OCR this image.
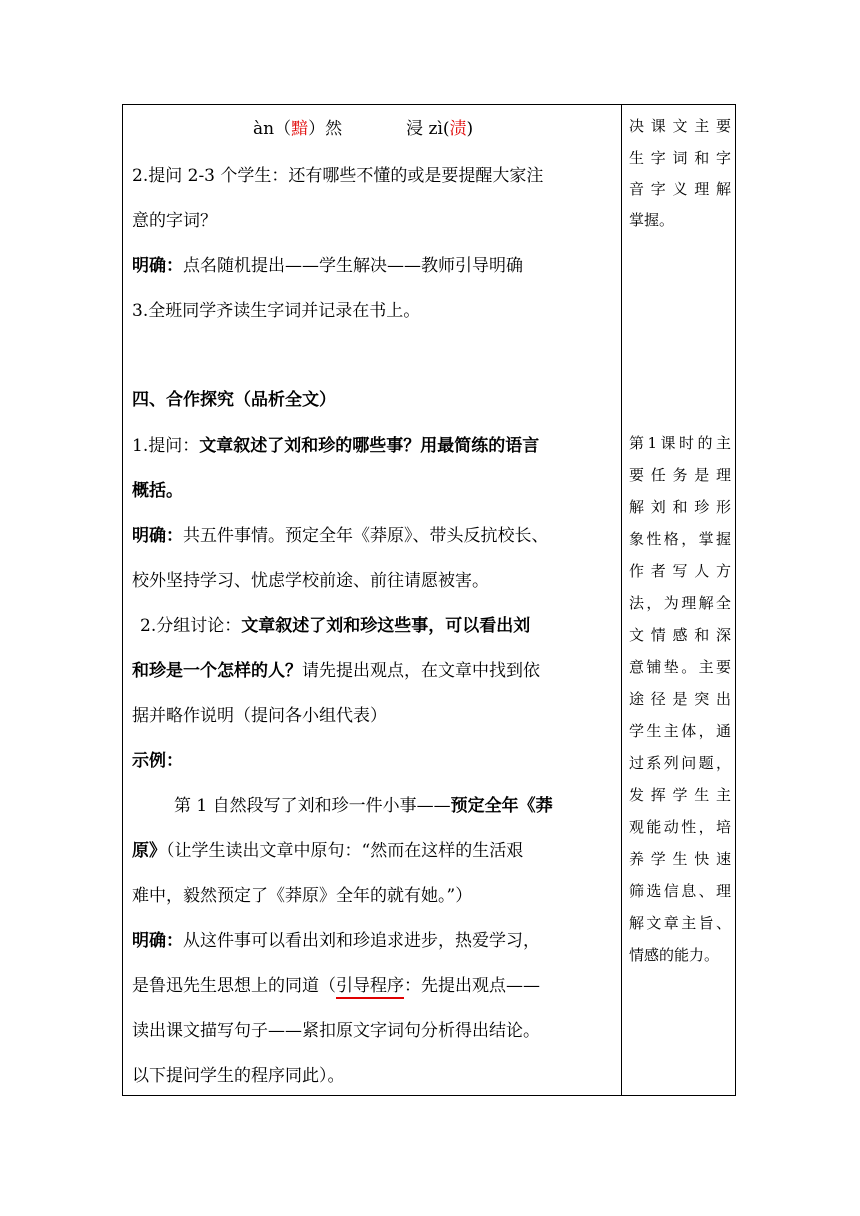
àn（黯）然	浸 zì(渍)
2.提问 2-3 个学生：还有哪些不懂的或是要提醒大家注
意的字词？
明确：点名随机提出——学生解决——教师引导明确
3.全班同学齐读生字词并记录在书上。
四、合作探究（品析全文）
1.提问：文章叙述了刘和珍的哪些事？用最简练的语言
概括。
明确：共五件事情。预定全年《莽原》、带头反抗校长、
校外坚持学习、忧虑学校前途、前往请愿被害。
2.分组讨论：文章叙述了刘和珍这些事，可以看出刘
和珍是一个怎样的人？请先提出观点，在文章中找到依
据并略作说明（提问各小组代表）
示例：
第 1 自然段写了刘和珍一件小事——预定全年《莽
原》（让学生读出文章中原句：“然而在这样的生活艰
难中，毅然预定了《莽原》全年的就有她。”）
明确：从这件事可以看出刘和珍追求进步，热爱学习，
是鲁迅先生思想上的同道（引导程序：先提出观点——
读出课文描写句子——紧扣原文字词句分析得出结论。
以下提问学生的程序同此）。
决课文主要
生字词和字
音字义理解
掌握。
第1课时的主
要任务是理
解刘和珍形
象性格，掌握
作者写人方
法，为理解全
文情感和深
意铺垫。主要
途径是突出
学生主体，通
过系列问题，
发挥学生主
观能动性，培
养学生快速
筛选信息、理
解文章主旨、
情感的能力。
